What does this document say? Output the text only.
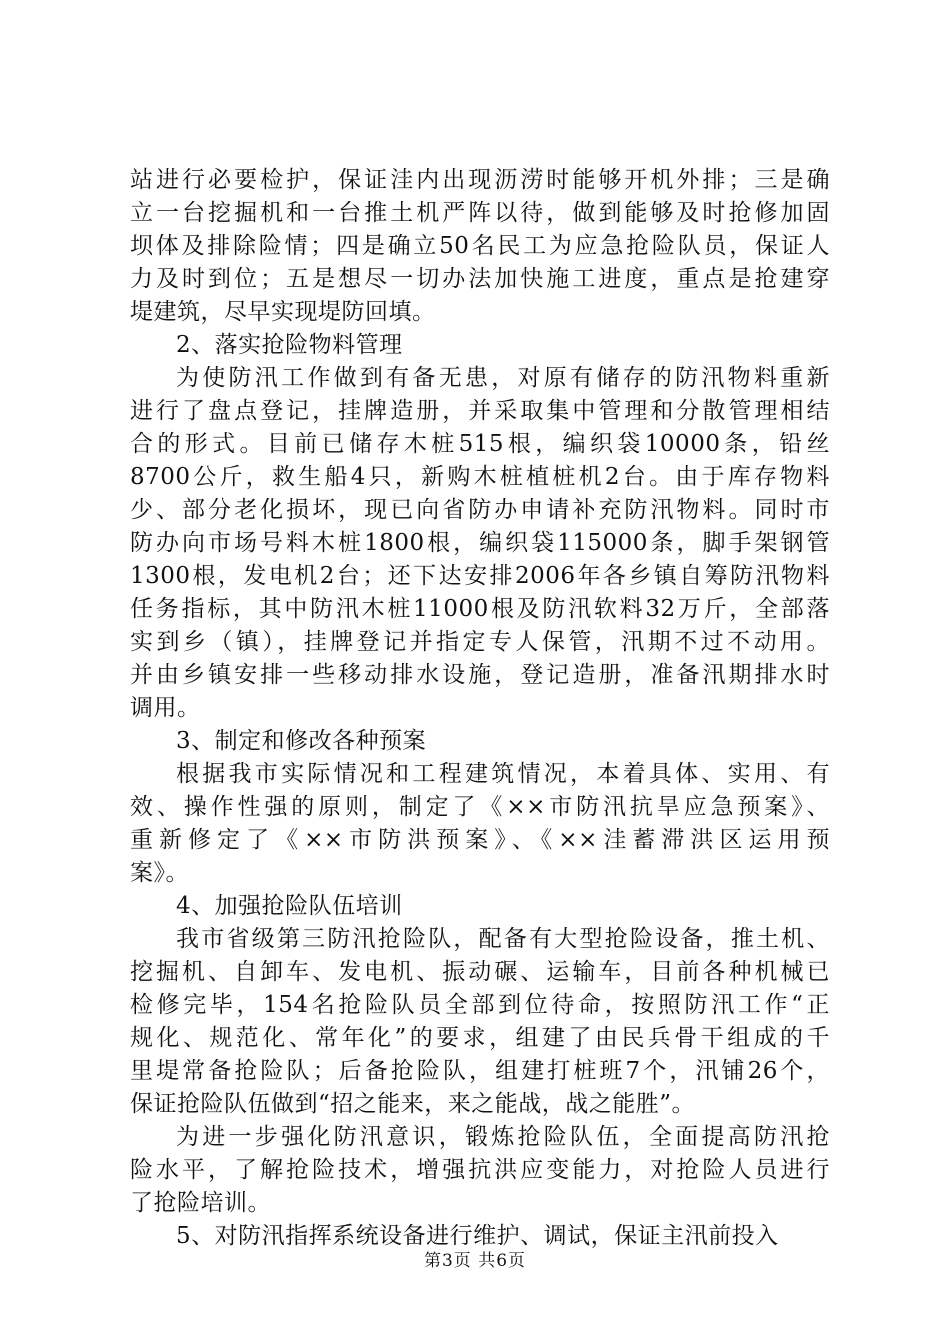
站进行必要检护，保证洼内出现沥涝时能够开机外排；三是确
立一台挖掘机和一台推土机严阵以待，做到能够及时抢修加固
坝体及排除险情；四是确立50名民工为应急抢险队员，保证人
力及时到位；五是想尽一切办法加快施工进度，重点是抢建穿
堤建筑，尽早实现堤防回填。
2、落实抢险物料管理
为使防汛工作做到有备无患，对原有储存的防汛物料重新
进行了盘点登记，挂牌造册，并采取集中管理和分散管理相结
合的形式。目前已储存木桩515根，编织袋10000条，铅丝
8700公斤，救生船4只，新购木桩植桩机2台。由于库存物料
少、部分老化损坏，现已向省防办申请补充防汛物料。同时市
防办向市场号料木桩1800根，编织袋115000条，脚手架钢管
1300根，发电机2台；还下达安排2006年各乡镇自筹防汛物料
任务指标，其中防汛木桩11000根及防汛软料32万斤，全部落
实到乡（镇），挂牌登记并指定专人保管，汛期不过不动用。
并由乡镇安排一些移动排水设施，登记造册，准备汛期排水时
调用。
3、制定和修改各种预案
根据我市实际情况和工程建筑情况，本着具体、实用、有
效、操作性强的原则，制定了《××市防汛抗旱应急预案》、
重新修定了《××市防洪预案》、《××洼蓄滞洪区运用预
案》。
4、加强抢险队伍培训
我市省级第三防汛抢险队，配备有大型抢险设备，推土机、
挖掘机、自卸车、发电机、振动碾、运输车，目前各种机械已
检修完毕，154名抢险队员全部到位待命，按照防汛工作“正
规化、规范化、常年化”的要求，组建了由民兵骨干组成的千
里堤常备抢险队；后备抢险队，组建打桩班7个，汛铺26个，
保证抢险队伍做到“招之能来，来之能战，战之能胜”。
为进一步强化防汛意识，锻炼抢险队伍，全面提高防汛抢
险水平，了解抢险技术，增强抗洪应变能力，对抢险人员进行
了抢险培训。
5、对防汛指挥系统设备进行维护、调试，保证主汛前投入
第3页 共6页
